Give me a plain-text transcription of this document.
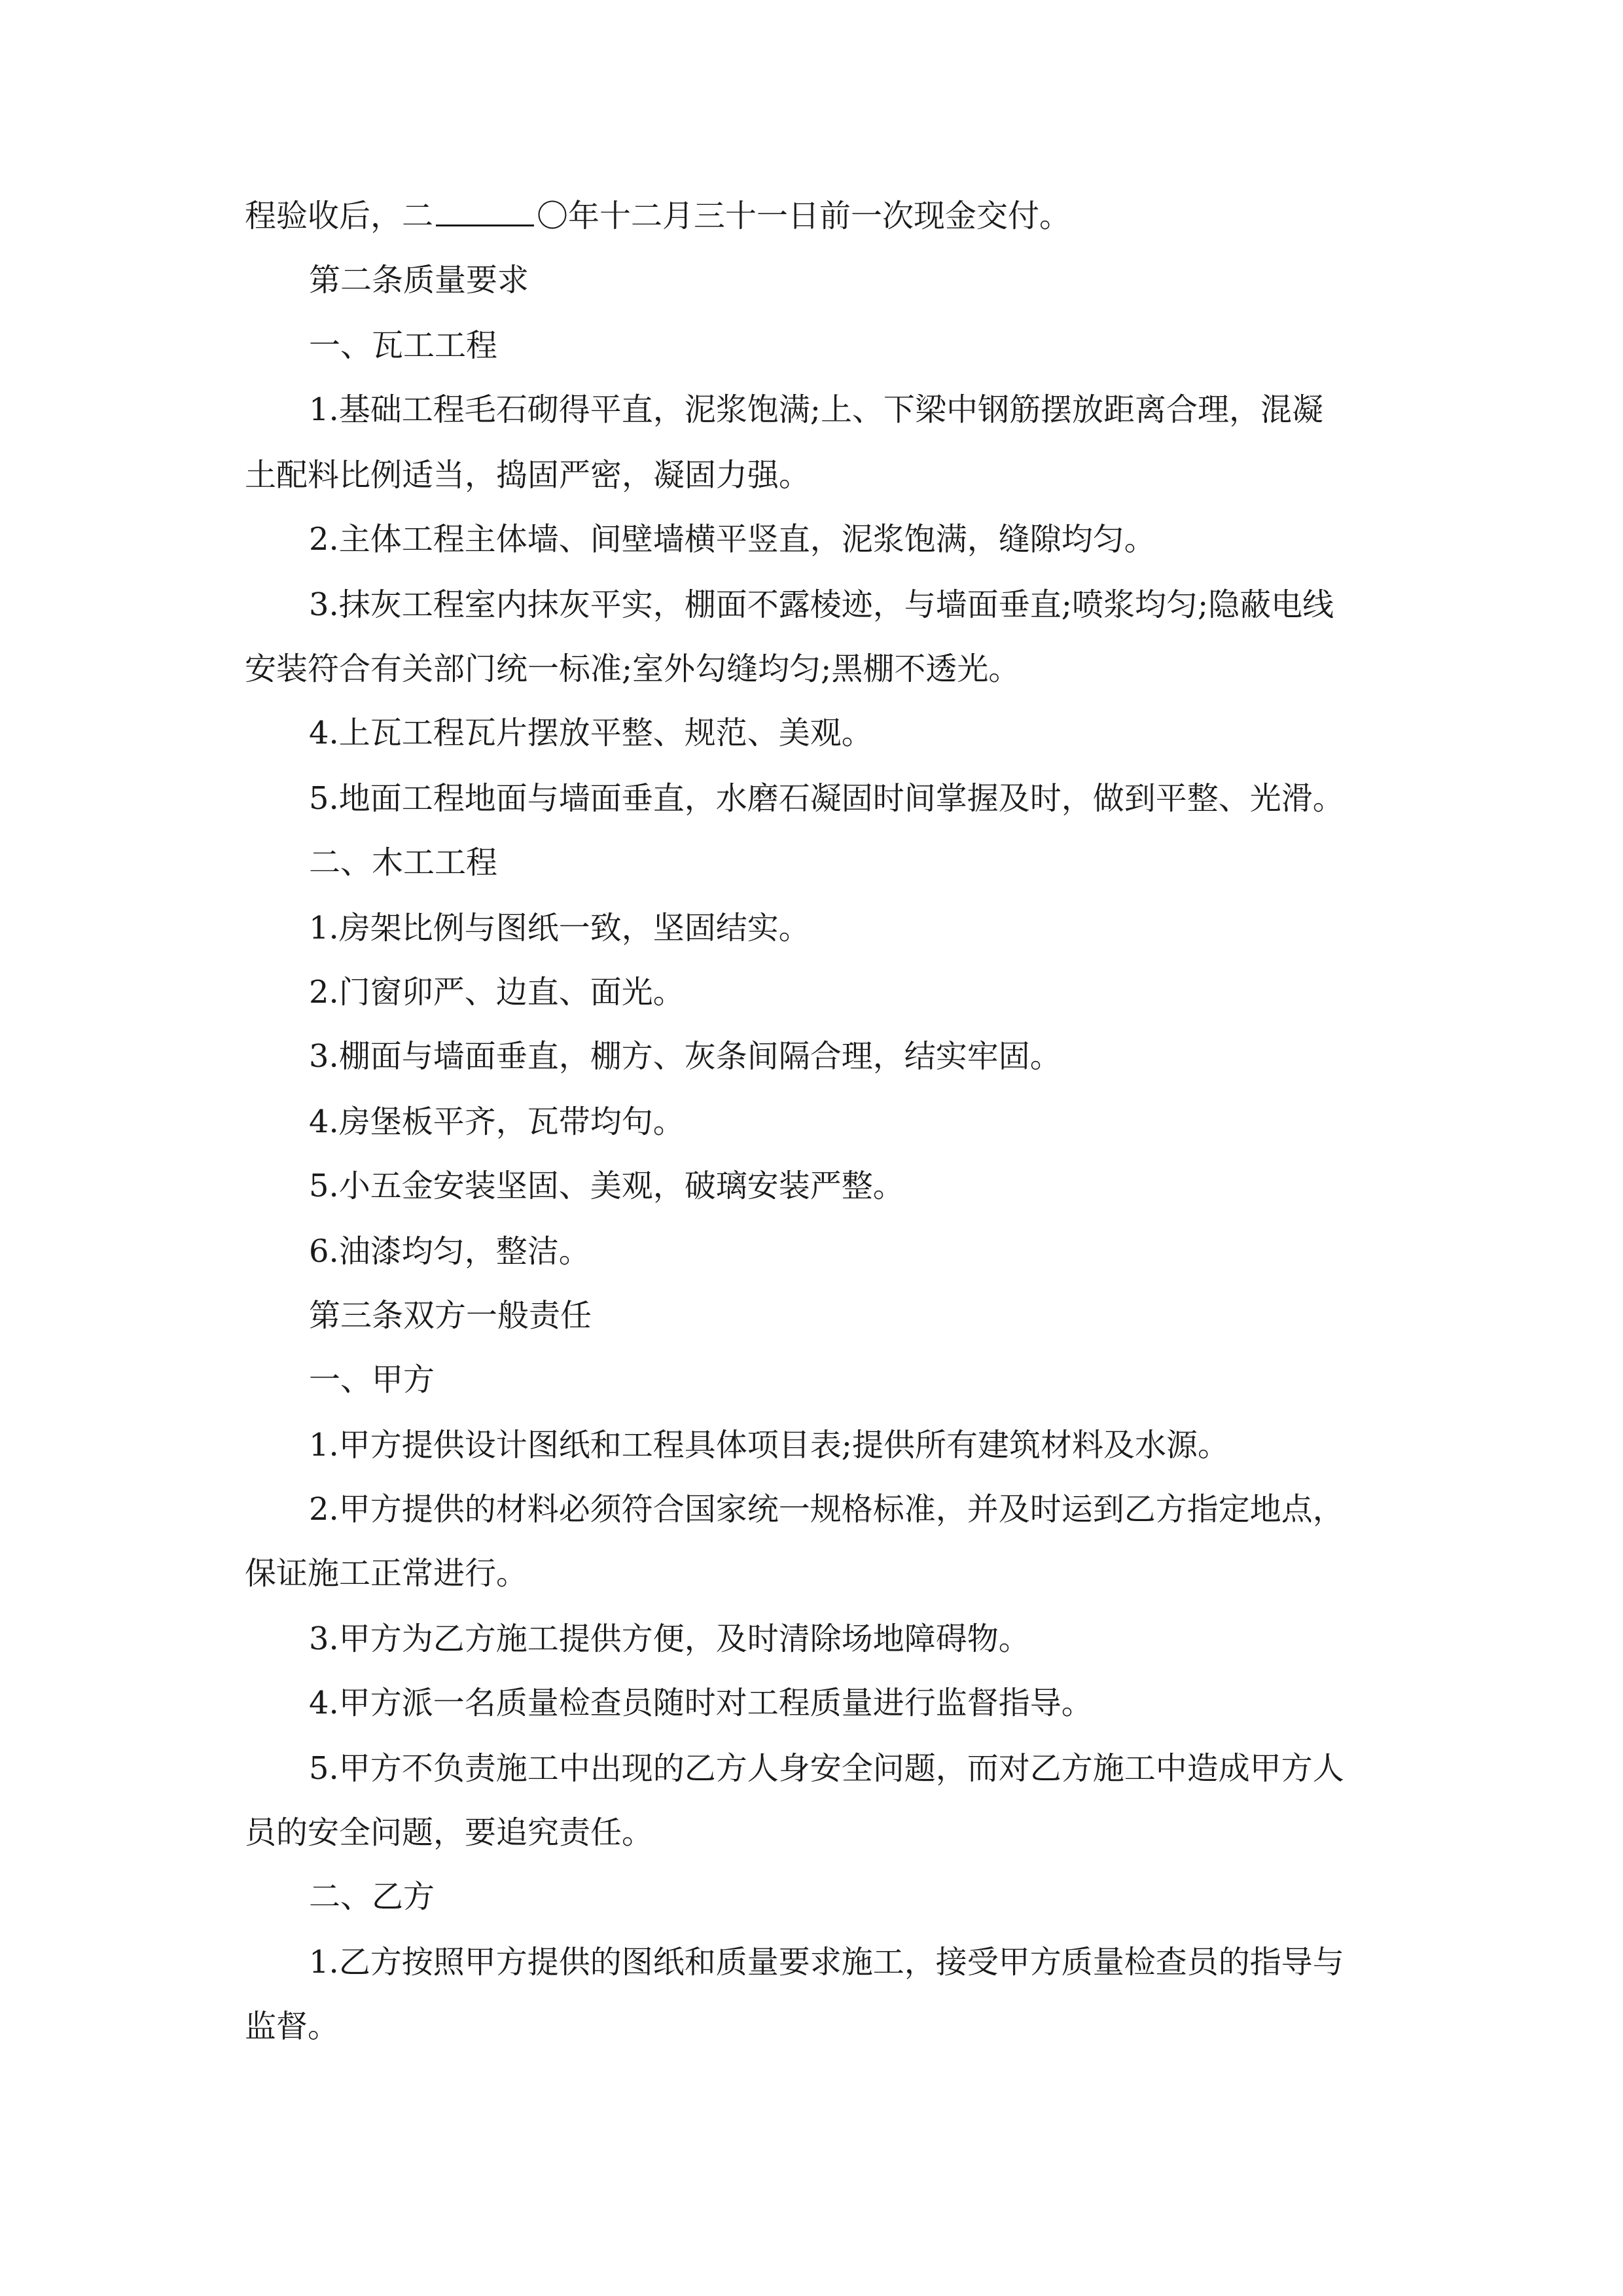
程验收后，二	〇年十二月三十一日前一次现金交付。
第二条质量要求
一、瓦工工程
1.基础工程毛石砌得平直，泥浆饱满;上、下梁中钢筋摆放距离合理，混凝
土配料比例适当，捣固严密，凝固力强。
2.主体工程主体墙、间壁墙横平竖直，泥浆饱满，缝隙均匀。
3.抹灰工程室内抹灰平实，棚面不露棱迹，与墙面垂直;喷浆均匀;隐蔽电线
安装符合有关部门统一标准;室外勾缝均匀;黑棚不透光。
4.上瓦工程瓦片摆放平整、规范、美观。
5.地面工程地面与墙面垂直，水磨石凝固时间掌握及时，做到平整、光滑。
二、木工工程
1.房架比例与图纸一致，坚固结实。
2.门窗卯严、边直、面光。
3.棚面与墙面垂直，棚方、灰条间隔合理，结实牢固。
4.房堡板平齐，瓦带均句。
5.小五金安装坚固、美观，破璃安装严整。
6.油漆均匀，整洁。
第三条双方一般责任
一、甲方
1.甲方提供设计图纸和工程具体项目表;提供所有建筑材料及水源。
2.甲方提供的材料必须符合国家统一规格标准，并及时运到乙方指定地点，
保证施工正常进行。
3.甲方为乙方施工提供方便，及时清除场地障碍物。
4.甲方派一名质量检查员随时对工程质量进行监督指导。
5.甲方不负责施工中出现的乙方人身安全问题，而对乙方施工中造成甲方人
员的安全问题，要追究责任。
二、乙方
1.乙方按照甲方提供的图纸和质量要求施工，接受甲方质量检查员的指导与
监督。
